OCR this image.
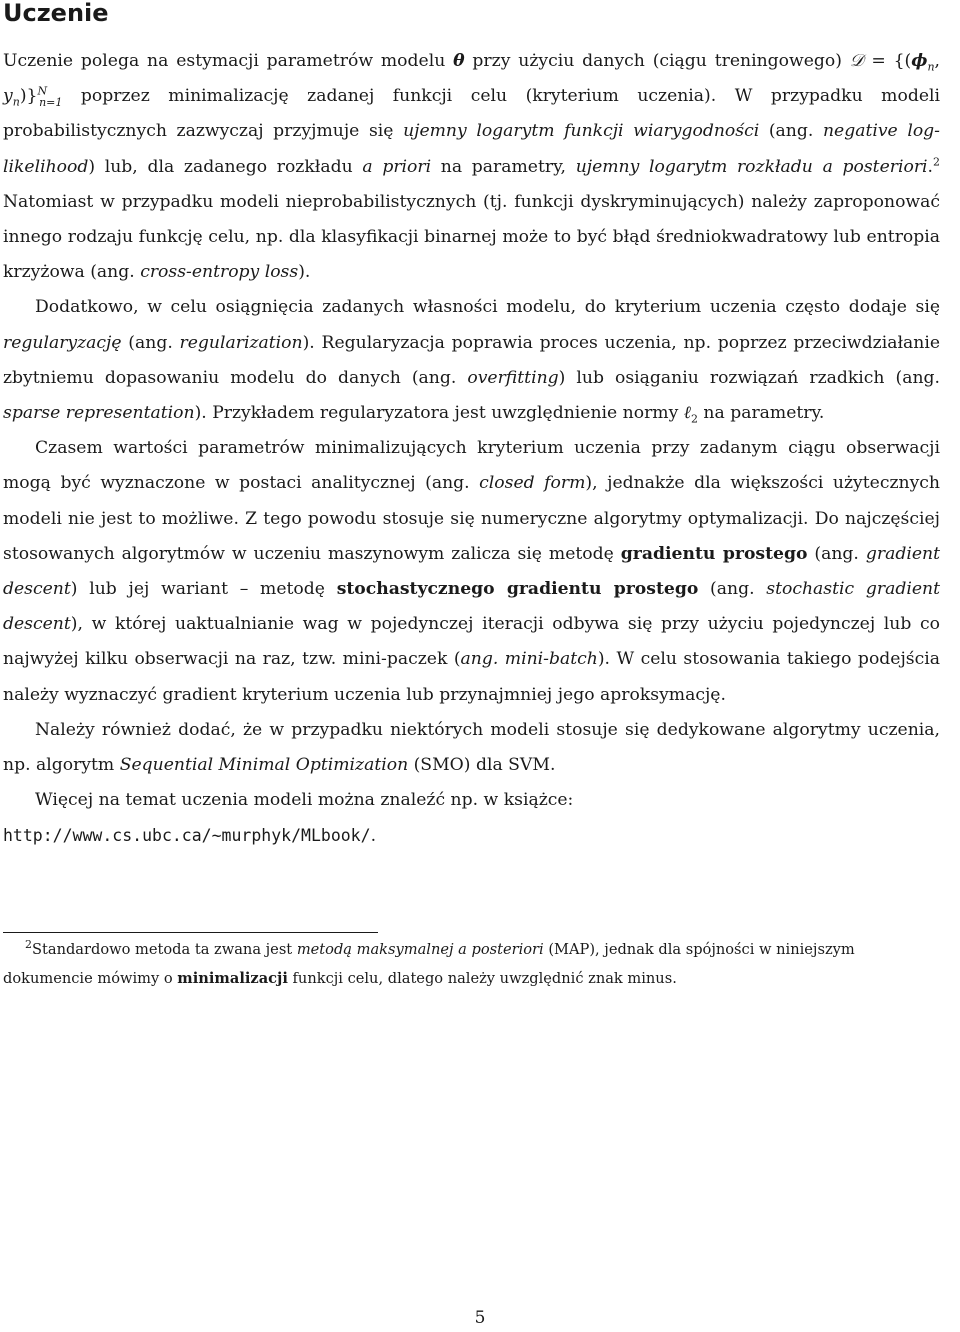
Uczenie

Uczenie polega na estymacji parametrów modelu θ przy użyciu danych (ciągu treningowego) 𝒟 = {($\phi_n$, $y_n)\}^N_{n=1}$ poprzez minimalizację zadanej funkcji celu (kryterium uczenia). W przypadku modeli probabilistycznych zazwyczaj przyjmuje się ujemny logarytm funkcji wiarygodności (ang. negative log-likelihood) lub, dla zadanego rozkładu a priori na parametry, ujemny logarytm rozkładu a posteriori.$^2$ Natomiast w przypadku modeli nieprobabilistycznych (tj. funkcji dyskryminujących) należy zaproponować innego rodzaju funkcję celu, np. dla klasyfikacji binarnej może to być błąd średniokwadratowy lub entropia krzyżowa (ang. cross-entropy loss).

Dodatkowo, w celu osiągnięcia zadanych własności modelu, do kryterium uczenia często dodaje się regularyzację (ang. regularization). Regularyzacja poprawia proces uczenia, np. poprzez przeciwdziałanie zbytniemu dopasowaniu modelu do danych (ang. overfitting) lub osiąganiu rozwiązań rzadkich (ang. sparse representation). Przykładem regularyzatora jest uwzględnienie normy ℓ$_2$ na parametry.

Czasem wartości parametrów minimalizujących kryterium uczenia przy zadanym ciągu obserwacji mogą być wyznaczone w postaci analitycznej (ang. closed form), jednakże dla większości użytecznych modeli nie jest to możliwe. Z tego powodu stosuje się numeryczne algorytmy optymalizacji. Do najczęściej stosowanych algorytmów w uczeniu maszynowym zalicza się metodę gradientu prostego (ang. gradient descent) lub jej wariant – metodę stochastycznego gradientu prostego (ang. stochastic gradient descent), w której uaktualnianie wag w pojedynczej iteracji odbywa się przy użyciu pojedynczej lub co najwyżej kilku obserwacji na raz, tzw. mini-paczek (ang. mini-batch). W celu stosowania takiego podejścia należy wyznaczyć gradient kryterium uczenia lub przynajmniej jego aproksymację.

Należy również dodać, że w przypadku niektórych modeli stosuje się dedykowane algorytmy uczenia, np. algorytm Sequential Minimal Optimization (SMO) dla SVM.

Więcej na temat uczenia modeli można znaleźć np. w książce: http://www.cs.ubc.ca/~murphyk/MLbook/.

$^2$Standardowo metoda ta zwana jest metodą maksymalnej a posteriori (MAP), jednak dla spójności w niniejszym dokumencie mówimy o minimalizacji funkcji celu, dlatego należy uwzględnić znak minus.

5
